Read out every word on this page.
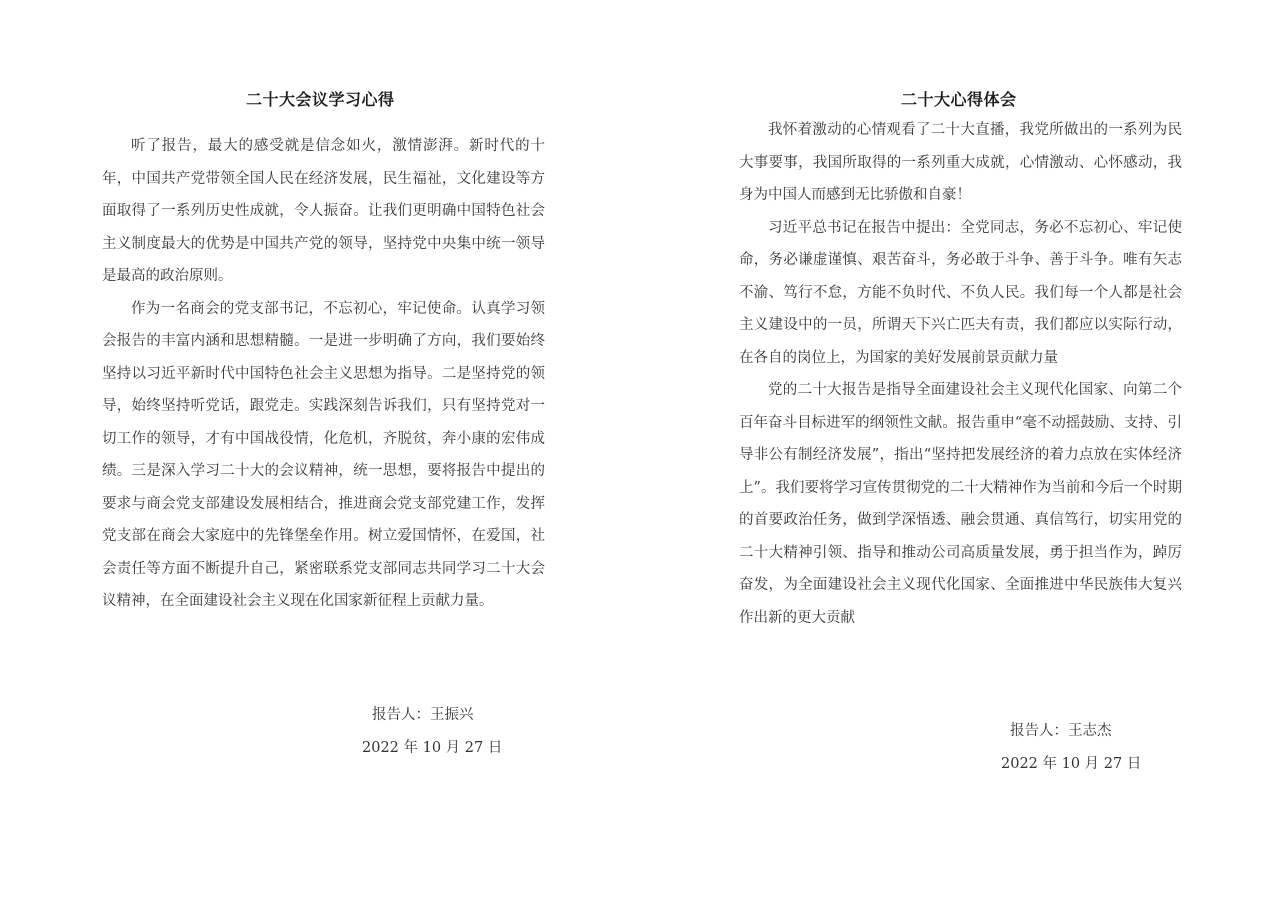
二十大会议学习心得

听了报告，最大的感受就是信念如火，激情澎湃。新时代的十年，中国共产党带领全国人民在经济发展，民生福祉，文化建设等方面取得了一系列历史性成就，令人振奋。让我们更明确中国特色社会主义制度最大的优势是中国共产党的领导，坚持党中央集中统一领导是最高的政治原则。

作为一名商会的党支部书记，不忘初心，牢记使命。认真学习领会报告的丰富内涵和思想精髓。一是进一步明确了方向，我们要始终坚持以习近平新时代中国特色社会主义思想为指导。二是坚持党的领导，始终坚持听党话，跟党走。实践深刻告诉我们，只有坚持党对一切工作的领导，才有中国战役情，化危机，齐脱贫，奔小康的宏伟成绩。三是深入学习二十大的会议精神，统一思想，要将报告中提出的要求与商会党支部建设发展相结合，推进商会党支部党建工作，发挥党支部在商会大家庭中的先锋堡垒作用。树立爱国情怀，在爱国，社会责任等方面不断提升自己，紧密联系党支部同志共同学习二十大会议精神，在全面建设社会主义现在化国家新征程上贡献力量。

报告人：王振兴
2022 年 10 月 27 日
二十大心得体会

我怀着激动的心情观看了二十大直播，我党所做出的一系列为民大事要事，我国所取得的一系列重大成就，心情激动、心怀感动，我身为中国人而感到无比骄傲和自豪！

习近平总书记在报告中提出：全党同志，务必不忘初心、牢记使命，务必谦虚谨慎、艰苦奋斗，务必敢于斗争、善于斗争。唯有矢志不渝、笃行不怠，方能不负时代、不负人民。我们每一个人都是社会主义建设中的一员，所谓天下兴亡匹夫有责，我们都应以实际行动，在各自的岗位上，为国家的美好发展前景贡献力量

党的二十大报告是指导全面建设社会主义现代化国家、向第二个百年奋斗目标进军的纲领性文献。报告重申“毫不动摇鼓励、支持、引导非公有制经济发展”，指出“坚持把发展经济的着力点放在实体经济上”。我们要将学习宣传贯彻党的二十大精神作为当前和今后一个时期的首要政治任务，做到学深悟透、融会贯通、真信笃行，切实用党的二十大精神引领、指导和推动公司高质量发展，勇于担当作为，踔厉奋发，为全面建设社会主义现代化国家、全面推进中华民族伟大复兴作出新的更大贡献

报告人：王志杰
2022 年 10 月 27 日
